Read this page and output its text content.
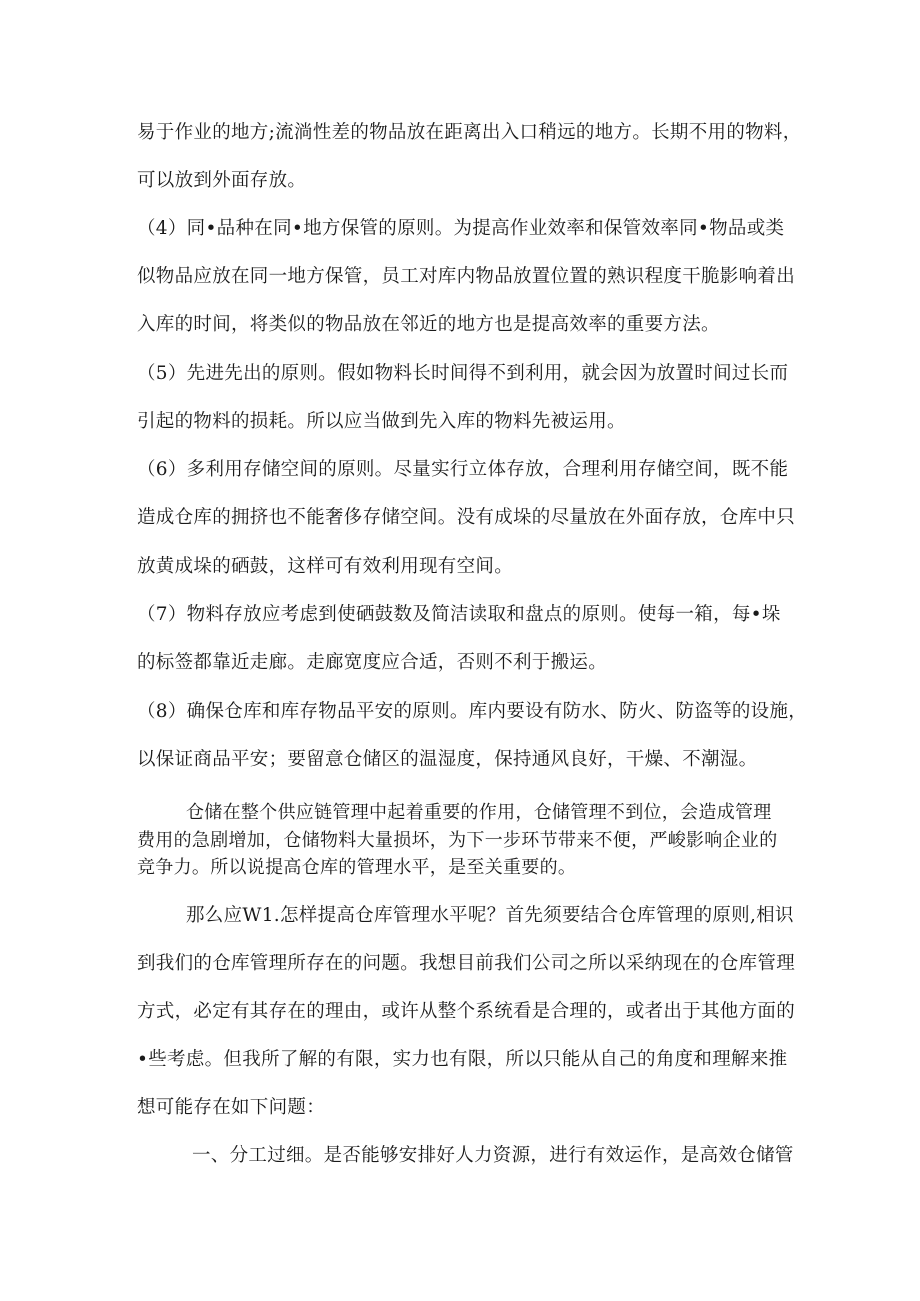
易于作业的地方;流淌性差的物品放在距离出入口稍远的地方。长期不用的物料，
可以放到外面存放。
（4）同•品种在同•地方保管的原则。为提高作业效率和保管效率同•物品或类
似物品应放在同一地方保管，员工对库内物品放置位置的熟识程度干脆影响着出
入库的时间，将类似的物品放在邻近的地方也是提高效率的重要方法。
（5）先进先出的原则。假如物料长时间得不到利用，就会因为放置时间过长而
引起的物料的损耗。所以应当做到先入库的物料先被运用。
（6）多利用存储空间的原则。尽量实行立体存放，合理利用存储空间，既不能
造成仓库的拥挤也不能奢侈存储空间。没有成垛的尽量放在外面存放，仓库中只
放黄成垛的硒鼓，这样可有效利用现有空间。
（7）物料存放应考虑到使硒鼓数及简洁读取和盘点的原则。使每一箱，每•垛
的标签都靠近走廊。走廊宽度应合适，否则不利于搬运。
（8）确保仓库和库存物品平安的原则。库内要设有防水、防火、防盗等的设施，
以保证商品平安；要留意仓储区的温湿度，保持通风良好，干燥、不潮湿。
仓储在整个供应链管理中起着重要的作用，仓储管理不到位，会造成管理
费用的急剧增加，仓储物料大量损坏，为下一步环节带来不便，严峻影响企业的
竞争力。所以说提高仓库的管理水平，是至关重要的。
那么应W1.怎样提高仓库管理水平呢？首先须要结合仓库管理的原则,相识
到我们的仓库管理所存在的问题。我想目前我们公司之所以采纳现在的仓库管理
方式，必定有其存在的理由，或许从整个系统看是合理的，或者出于其他方面的
•些考虑。但我所了解的有限，实力也有限，所以只能从自己的角度和理解来推
想可能存在如下问题：
一、分工过细。是否能够安排好人力资源，进行有效运作，是高效仓储管
